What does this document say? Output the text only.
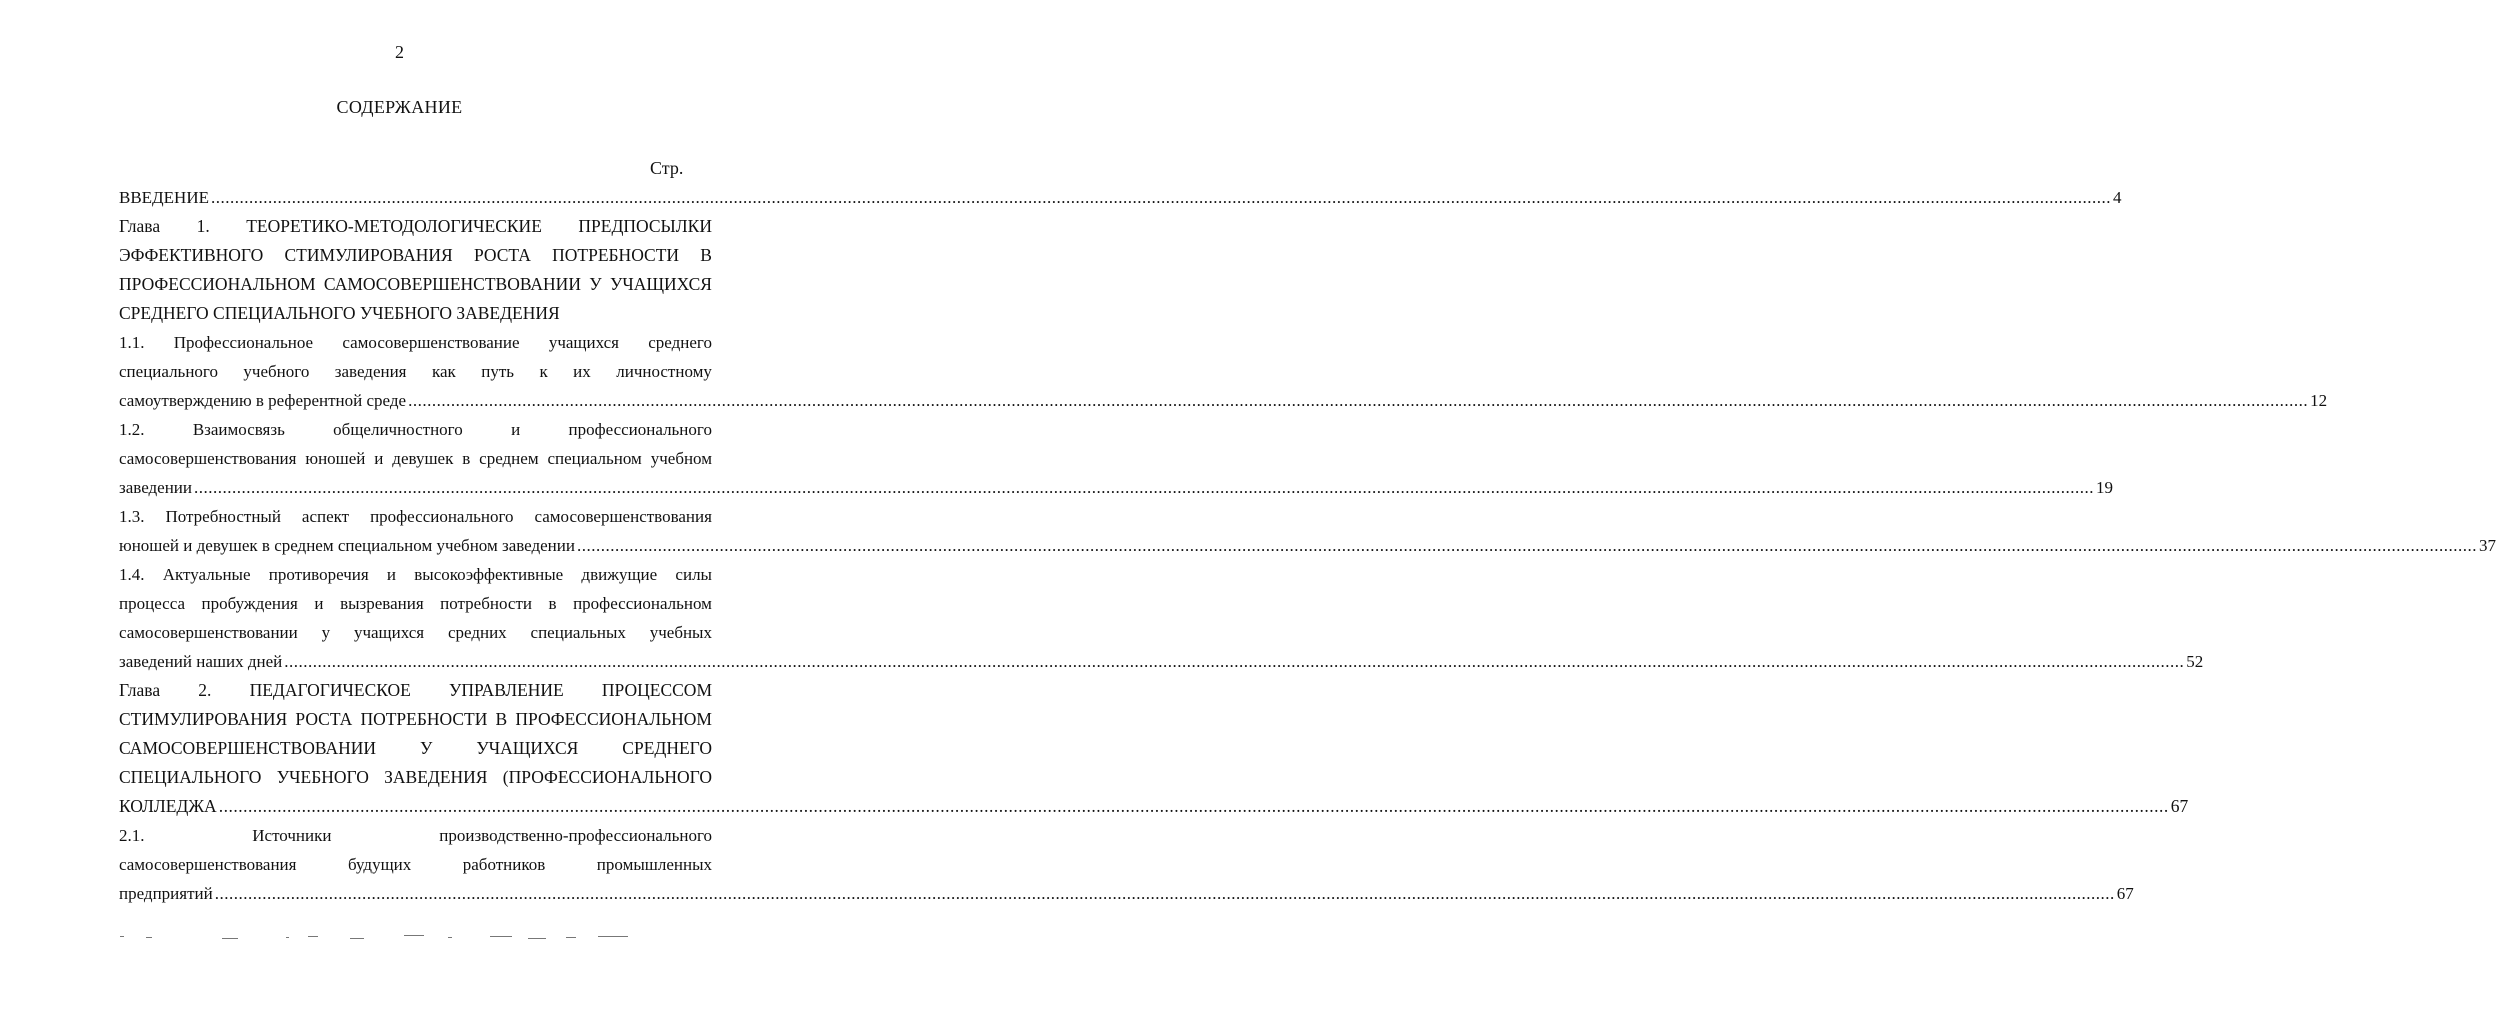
2
СОДЕРЖАНИЕ
Стр.
ВВЕДЕНИЕ ................................................................................................................................................................................................................................................................................................................................................................................................................ 4
Глава 1. ТЕОРЕТИКО-МЕТОДОЛОГИЧЕСКИЕ ПРЕДПОСЫЛКИ
ЭФФЕКТИВНОГО СТИМУЛИРОВАНИЯ РОСТА ПОТРЕБНОСТИ В
ПРОФЕССИОНАЛЬНОМ САМОСОВЕРШЕНСТВОВАНИИ У УЧАЩИХСЯ
СРЕДНЕГО СПЕЦИАЛЬНОГО УЧЕБНОГО ЗАВЕДЕНИЯ
1.1. Профессиональное самосовершенствование учащихся среднего
специального учебного заведения как путь к их личностному
самоутверждению в референтной среде ................................................................................................................................................................................................................................................................................................................................................................................................................ 12
1.2.	Взаимосвязь	общеличностного	и	профессионального
самосовершенствования юношей и девушек в среднем специальном учебном
заведении ................................................................................................................................................................................................................................................................................................................................................................................................................ 19
1.3. Потребностный аспект профессионального самосовершенствования
юношей и девушек в среднем специальном учебном заведении ................................................................................................................................................................................................................................................................................................................................................................................................................ 37
1.4. Актуальные противоречия и высокоэффективные движущие силы
процесса пробуждения и вызревания потребности в профессиональном
самосовершенствовании у учащихся средних специальных учебных
заведений наших дней ................................................................................................................................................................................................................................................................................................................................................................................................................ 52
Глава 2. ПЕДАГОГИЧЕСКОЕ УПРАВЛЕНИЕ ПРОЦЕССОМ
СТИМУЛИРОВАНИЯ РОСТА ПОТРЕБНОСТИ В ПРОФЕССИОНАЛЬНОМ
САМОСОВЕРШЕНСТВОВАНИИ	У	УЧАЩИХСЯ	СРЕДНЕГО
СПЕЦИАЛЬНОГО УЧЕБНОГО ЗАВЕДЕНИЯ (ПРОФЕССИОНАЛЬНОГО
КОЛЛЕДЖА ................................................................................................................................................................................................................................................................................................................................................................................................................ 67
2.1.	Источники	производственно-профессионального
самосовершенствования	будущих	работников	промышленных
предприятий ................................................................................................................................................................................................................................................................................................................................................................................................................ 67
